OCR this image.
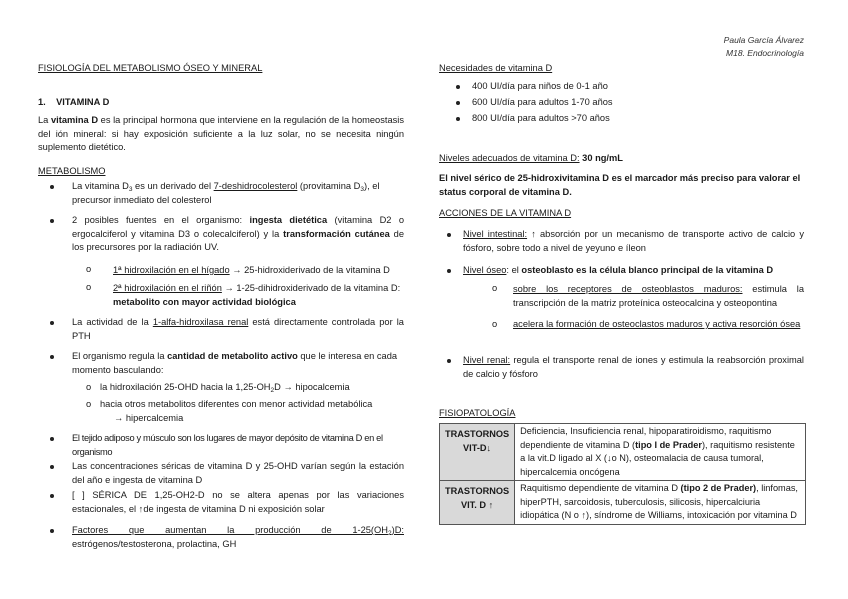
Paula García Álvarez
M18. Endocrinología
FISIOLOGÍA DEL METABOLISMO ÓSEO Y MINERAL
1. VITAMINA D
La vitamina D es la principal hormona que interviene en la regulación de la homeostasis del ión mineral: si hay exposición suficiente a la luz solar, no se necesita ningún suplemento dietético.
METABOLISMO
La vitamina $D_3$ es un derivado del 7-deshidrocolesterol (provitamina $D_3$), el precursor inmediato del colesterol
2 posibles fuentes en el organismo: ingesta dietética (vitamina D2 o ergocalciferol y vitamina D3 o colecalciferol) y la transformación cutánea de los precursores por la radiación UV.
o 1ª hidroxilación en el hígado → 25-hidroxiderivado de la vitamina D
o 2ª hidroxilación en el riñón → 1-25-dihidroxiderivado de la vitamina D: metabolito con mayor actividad biológica
La actividad de la 1-alfa-hidroxilasa renal está directamente controlada por la PTH
El organismo regula la cantidad de metabolito activo que le interesa en cada momento basculando:
o la hidroxilación 25-OHD hacia la $1,25-OH_2D$ → hipocalcemia
o hacia otros metabolitos diferentes con menor actividad metabólica
→ hipercalcemia
El tejido adiposo y músculo son los lugares de mayor depósito de vitamina D en el organismo
Las concentraciones séricas de vitamina D y 25-OHD varían según la estación del año e ingesta de vitamina D
[ ] SÉRICA DE 1,25-OH2-D no se altera apenas por las variaciones estacionales, el ↑de ingesta de vitamina D ni exposición solar
Factores que aumentan la producción de $1-25(OH_2)D$:
estrógenos/testosterona, prolactina, GH
Necesidades de vitamina D
400 UI/día para niños de 0-1 año
600 UI/día para adultos 1-70 años
800 UI/día para adultos >70 años
Niveles adecuados de vitamina D: 30 ng/mL
El nivel sérico de 25-hidroxivitamina D es el marcador más preciso para valorar el status corporal de vitamina D.
ACCIONES DE LA VITAMINA D
Nivel intestinal: ↑ absorción por un mecanismo de transporte activo de calcio y fósforo, sobre todo a nivel de yeyuno e íleon
Nivel óseo: el osteoblasto es la célula blanco principal de la vitamina D
o sobre los receptores de osteoblastos maduros: estimula la transcripción de la matriz proteínica osteocalcina y osteopontina
o acelera la formación de osteoclastos maduros y activa resorción ósea
Nivel renal: regula el transporte renal de iones y estimula la reabsorción proximal de calcio y fósforo
FISIOPATOLOGÍA
TRASTORNOS
VIT-D↓	Deficiencia, Insuficiencia renal, hipoparatiroidismo, raquitismo dependiente de vitamina D (tipo I de Prader), raquitismo resistente a la vit.D ligado al X (↓o N), osteomalacia de causa tumoral, hipercalcemia oncógena

TRASTORNOS
VIT. D ↑	Raquitismo dependiente de vitamina D (tipo 2 de Prader), linfomas, hiperPTH, sarcoidosis, tuberculosis, silicosis, hipercalciuria idiopática (N o ↑), síndrome de Williams, intoxicación por vitamina D
